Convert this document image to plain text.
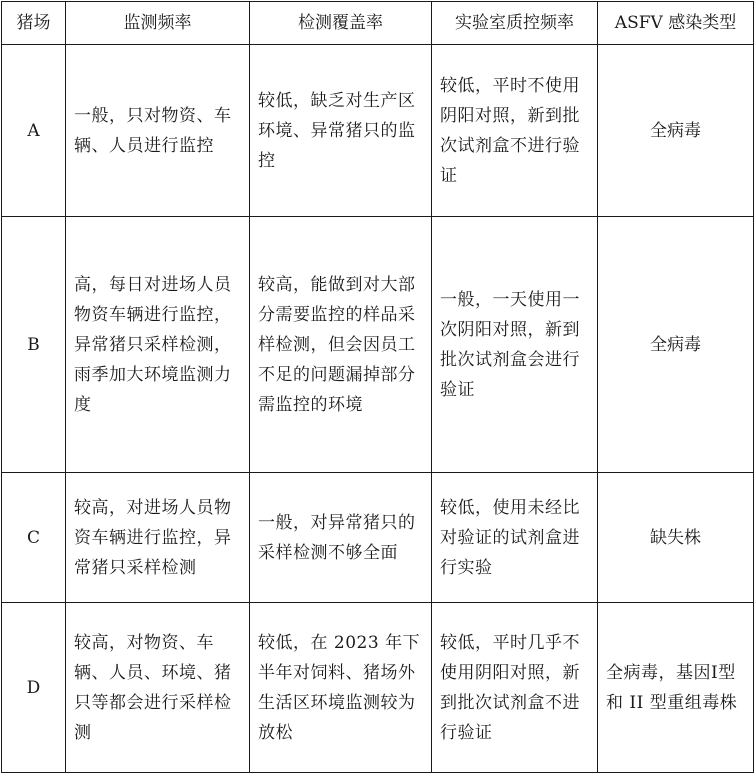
猪场	监测频率	检测覆盖率	实验室质控频率	ASFV 感染类型
A	一般，只对物资、车辆、人员进行监控	较低，缺乏对生产区环境、异常猪只的监控	较低，平时不使用阴阳对照，新到批次试剂盒不进行验证	全病毒
B	高，每日对进场人员物资车辆进行监控，异常猪只采样检测，雨季加大环境监测力度	较高，能做到对大部分需要监控的样品采样检测，但会因员工不足的问题漏掉部分需监控的环境	一般，一天使用一次阴阳对照，新到批次试剂盒会进行验证	全病毒
C	较高，对进场人员物资车辆进行监控，异常猪只采样检测	一般，对异常猪只的采样检测不够全面	较低，使用未经比对验证的试剂盒进行实验	缺失株
D	较高，对物资、车辆、人员、环境、猪只等都会进行采样检测	较低，在 2023 年下半年对饲料、猪场外生活区环境监测较为放松	较低，平时几乎不使用阴阳对照，新到批次试剂盒不进行验证	全病毒，基因I型和 II 型重组毒株
